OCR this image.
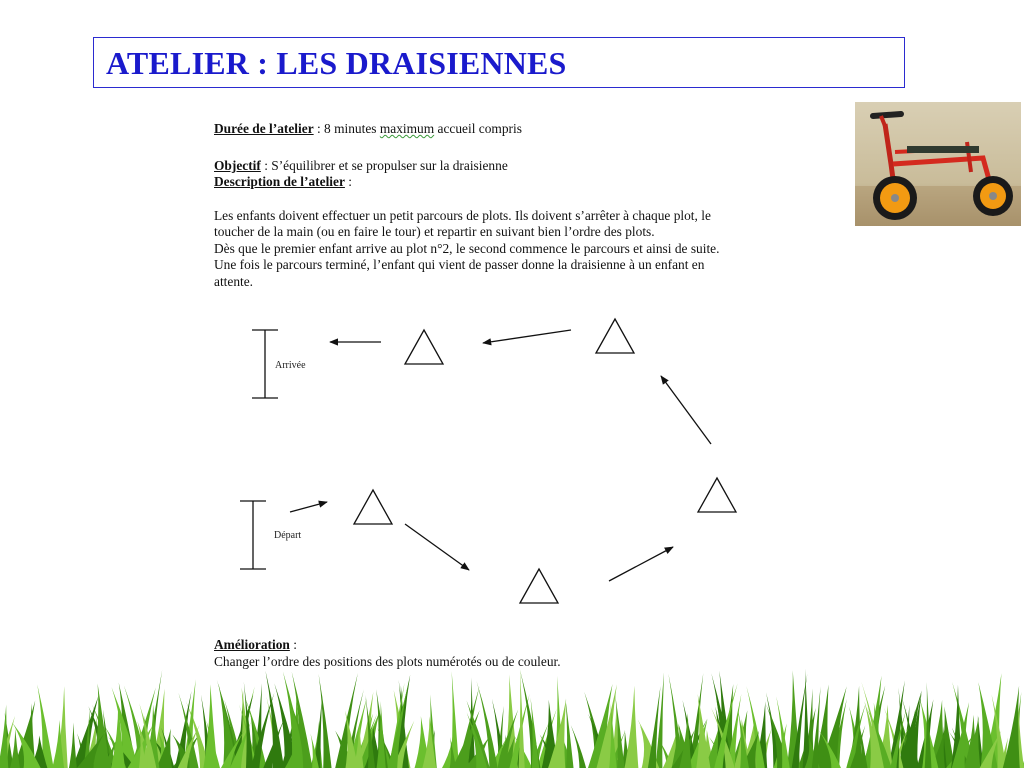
ATELIER : LES DRAISIENNES

Durée de l’atelier : 8 minutes maximum accueil compris

Objectif : S’équilibrer et se propulser sur la draisienne

Description de l’atelier :

Les enfants doivent effectuer un petit parcours de plots. Ils doivent s’arrêter à chaque plot, le

toucher de la main (ou en faire le tour) et repartir en suivant bien l’ordre des plots.

Dès que le premier enfant arrive au plot n°2, le second commence le parcours et ainsi de suite.

Une fois le parcours terminé, l’enfant qui vient de passer donne la draisienne à un enfant en

attente.

Arrivée
Départ

Amélioration :

Changer l’ordre des positions des plots numérotés ou de couleur.
